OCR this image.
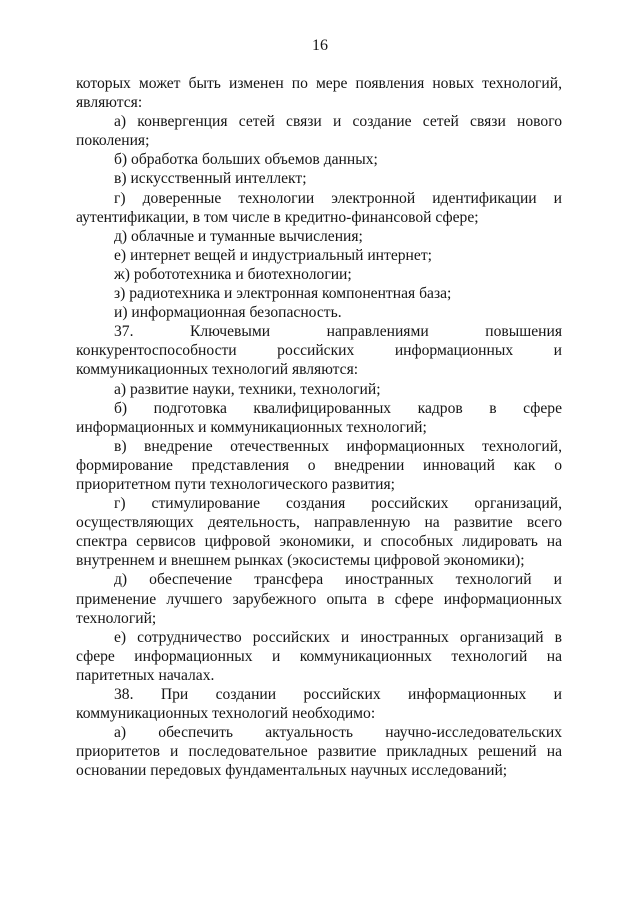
16
которых может быть изменен по мере появления новых технологий,
являются:
а) конвергенция сетей связи и создание сетей связи нового
поколения;
б) обработка больших объемов данных;
в) искусственный интеллект;
г) доверенные технологии электронной идентификации и
аутентификации, в том числе в кредитно-финансовой сфере;
д) облачные и туманные вычисления;
е) интернет вещей и индустриальный интернет;
ж) робототехника и биотехнологии;
з) радиотехника и электронная компонентная база;
и) информационная безопасность.
37. Ключевыми направлениями повышения
конкурентоспособности российских информационных и
коммуникационных технологий являются:
а) развитие науки, техники, технологий;
б) подготовка квалифицированных кадров в сфере
информационных и коммуникационных технологий;
в) внедрение отечественных информационных технологий,
формирование представления о внедрении инноваций как о
приоритетном пути технологического развития;
г) стимулирование создания российских организаций,
осуществляющих деятельность, направленную на развитие всего
спектра сервисов цифровой экономики, и способных лидировать на
внутреннем и внешнем рынках (экосистемы цифровой экономики);
д) обеспечение трансфера иностранных технологий и
применение лучшего зарубежного опыта в сфере информационных
технологий;
е) сотрудничество российских и иностранных организаций в
сфере информационных и коммуникационных технологий на
паритетных началах.
38. При создании российских информационных и
коммуникационных технологий необходимо:
а) обеспечить актуальность научно-исследовательских
приоритетов и последовательное развитие прикладных решений на
основании передовых фундаментальных научных исследований;
